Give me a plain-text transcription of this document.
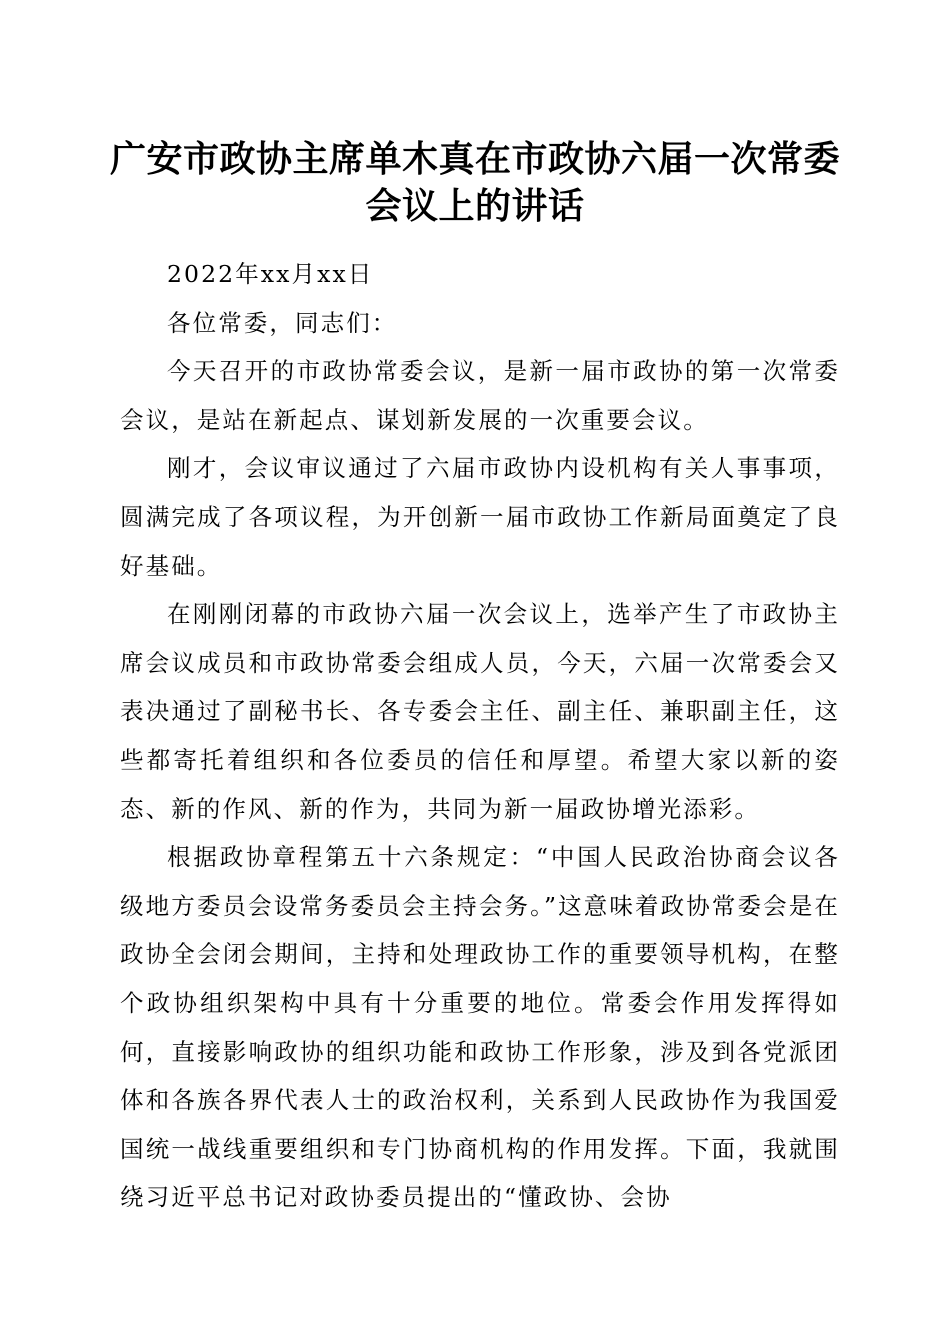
广安市政协主席单木真在市政协六届一次常委
会议上的讲话

2022年xx月xx日

各位常委，同志们：

今天召开的市政协常委会议，是新一届市政协的第一次常委会议，是站在新起点、谋划新发展的一次重要会议。

刚才，会议审议通过了六届市政协内设机构有关人事事项，圆满完成了各项议程，为开创新一届市政协工作新局面奠定了良好基础。

在刚刚闭幕的市政协六届一次会议上，选举产生了市政协主席会议成员和市政协常委会组成人员，今天，六届一次常委会又表决通过了副秘书长、各专委会主任、副主任、兼职副主任，这些都寄托着组织和各位委员的信任和厚望。希望大家以新的姿态、新的作风、新的作为，共同为新一届政协增光添彩。

根据政协章程第五十六条规定：“中国人民政治协商会议各级地方委员会设常务委员会主持会务。”这意味着政协常委会是在政协全会闭会期间，主持和处理政协工作的重要领导机构，在整个政协组织架构中具有十分重要的地位。常委会作用发挥得如何，直接影响政协的组织功能和政协工作形象，涉及到各党派团体和各族各界代表人士的政治权利，关系到人民政协作为我国爱国统一战线重要组织和专门协商机构的作用发挥。下面，我就围绕习近平总书记对政协委员提出的“懂政协、会协
